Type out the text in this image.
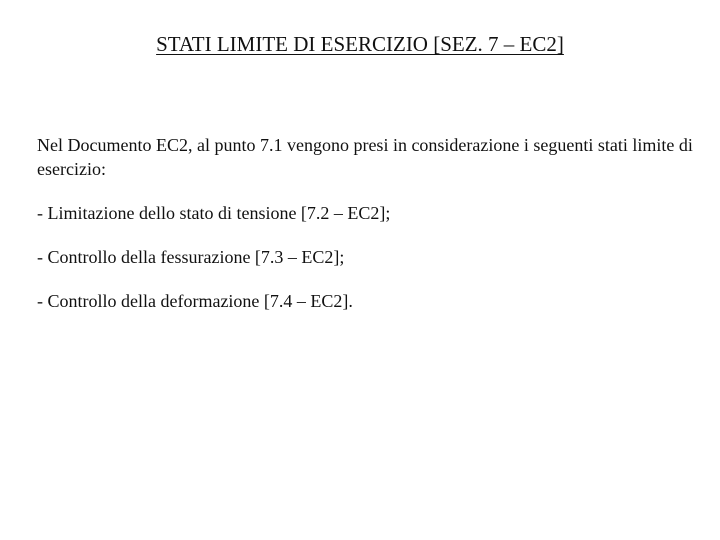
STATI LIMITE DI ESERCIZIO [SEZ. 7 – EC2]

Nel Documento EC2, al punto 7.1 vengono presi in considerazione i seguenti stati limite di esercizio:

- Limitazione dello stato di tensione [7.2 – EC2];

- Controllo della fessurazione [7.3 – EC2];

- Controllo della deformazione [7.4 – EC2].
